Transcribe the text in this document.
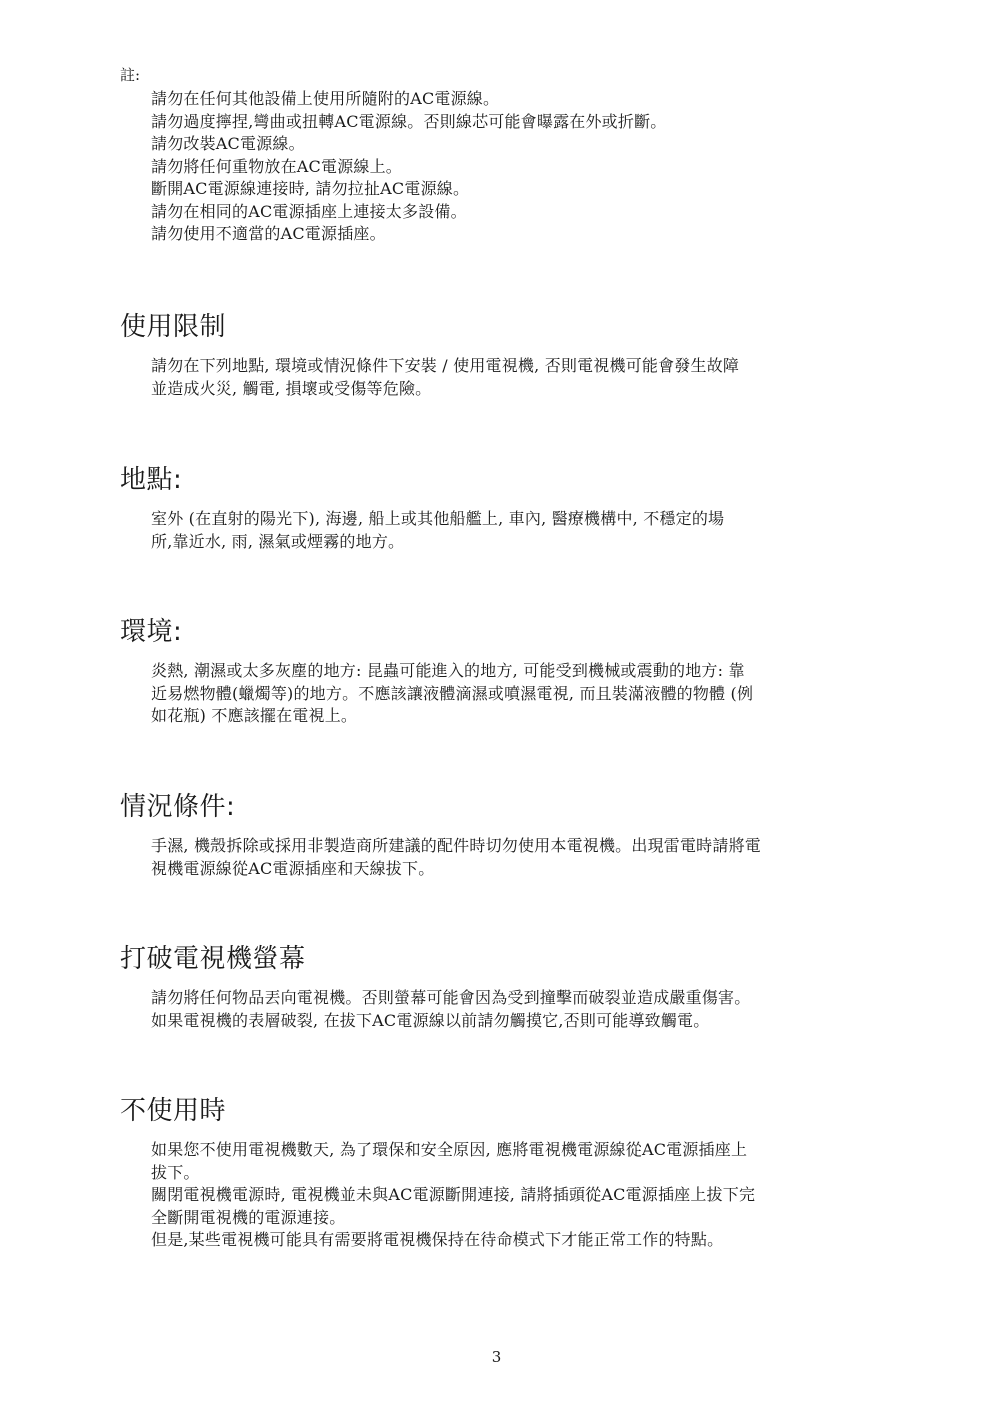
註:
請勿在任何其他設備上使用所隨附的AC電源線。
請勿過度擰捏,彎曲或扭轉AC電源線。否則線芯可能會曝露在外或折斷。
請勿改裝AC電源線。
請勿將任何重物放在AC電源線上。
斷開AC電源線連接時, 請勿拉扯AC電源線。
請勿在相同的AC電源插座上連接太多設備。
請勿使用不適當的AC電源插座。
使用限制
請勿在下列地點, 環境或情況條件下安裝 / 使用電視機, 否則電視機可能會發生故障
並造成火災, 觸電, 損壞或受傷等危險。
地點:
室外 (在直射的陽光下), 海邊, 船上或其他船艦上, 車內, 醫療機構中, 不穩定的場
所,靠近水, 雨, 濕氣或煙霧的地方。
環境:
炎熱, 潮濕或太多灰塵的地方: 昆蟲可能進入的地方, 可能受到機械或震動的地方: 靠
近易燃物體(蠟燭等)的地方。不應該讓液體滴濕或噴濕電視, 而且裝滿液體的物體 (例
如花瓶) 不應該擺在電視上。
情況條件:
手濕, 機殼拆除或採用非製造商所建議的配件時切勿使用本電視機。出現雷電時請將電
視機電源線從AC電源插座和天線拔下。
打破電視機螢幕
請勿將任何物品丟向電視機。否則螢幕可能會因為受到撞擊而破裂並造成嚴重傷害。
如果電視機的表層破裂, 在拔下AC電源線以前請勿觸摸它,否則可能導致觸電。
不使用時
如果您不使用電視機數天, 為了環保和安全原因, 應將電視機電源線從AC電源插座上
拔下。
關閉電視機電源時, 電視機並未與AC電源斷開連接, 請將插頭從AC電源插座上拔下完
全斷開電視機的電源連接。
但是,某些電視機可能具有需要將電視機保持在待命模式下才能正常工作的特點。
3
